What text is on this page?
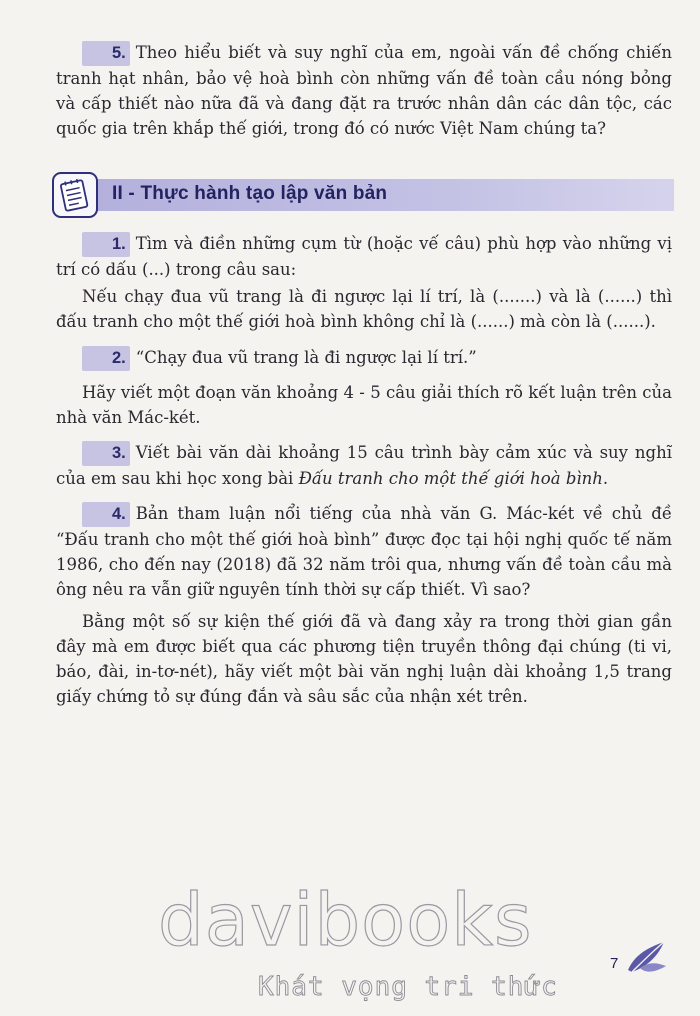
5. Theo hiểu biết và suy nghĩ của em, ngoài vấn đề chống chiến tranh hạt nhân, bảo vệ hoà bình còn những vấn đề toàn cầu nóng bỏng và cấp thiết nào nữa đã và đang đặt ra trước nhân dân các dân tộc, các quốc gia trên khắp thế giới, trong đó có nước Việt Nam chúng ta?
II - Thực hành tạo lập văn bản
1. Tìm và điền những cụm từ (hoặc vế câu) phù hợp vào những vị trí có dấu (...) trong câu sau:
Nếu chạy đua vũ trang là đi ngược lại lí trí, là (.......) và là (......) thì đấu tranh cho một thế giới hoà bình không chỉ là (......) mà còn là (......).
2. “Chạy đua vũ trang là đi ngược lại lí trí.”
Hãy viết một đoạn văn khoảng 4 - 5 câu giải thích rõ kết luận trên của nhà văn Mác-két.
3. Viết bài văn dài khoảng 15 câu trình bày cảm xúc và suy nghĩ của em sau khi học xong bài Đấu tranh cho một thế giới hoà bình.
4. Bản tham luận nổi tiếng của nhà văn G. Mác-két về chủ đề “Đấu tranh cho một thế giới hoà bình” được đọc tại hội nghị quốc tế năm 1986, cho đến nay (2018) đã 32 năm trôi qua, nhưng vấn đề toàn cầu mà ông nêu ra vẫn giữ nguyên tính thời sự cấp thiết. Vì sao?
Bằng một số sự kiện thế giới đã và đang xảy ra trong thời gian gần đây mà em được biết qua các phương tiện truyền thông đại chúng (ti vi, báo, đài, in-tơ-nét), hãy viết một bài văn nghị luận dài khoảng 1,5 trang giấy chứng tỏ sự đúng đắn và sâu sắc của nhận xét trên.
davibooks
Khát vọng tri thức
7
